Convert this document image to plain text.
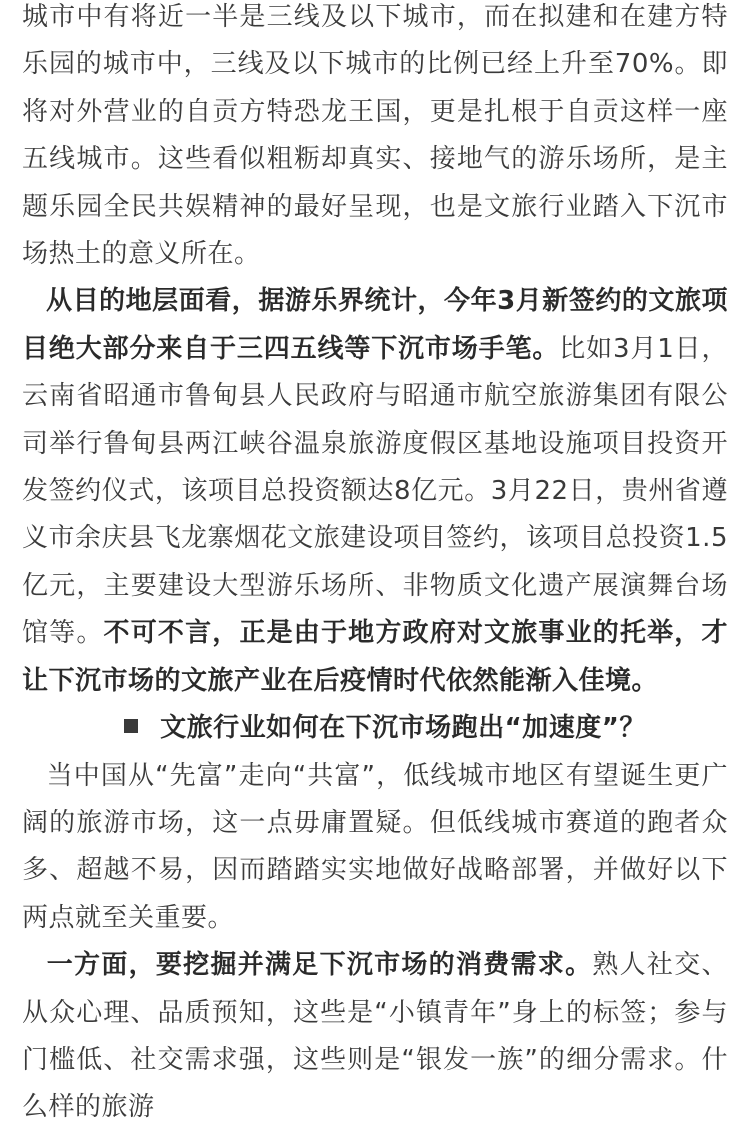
城市中有将近一半是三线及以下城市，而在拟建和在建方特乐园的城市中，三线及以下城市的比例已经上升至70%。即将对外营业的自贡方特恐龙王国，更是扎根于自贡这样一座五线城市。这些看似粗粝却真实、接地气的游乐场所，是主题乐园全民共娱精神的最好呈现，也是文旅行业踏入下沉市场热土的意义所在。

从目的地层面看，据游乐界统计，今年3月新签约的文旅项目绝大部分来自于三四五线等下沉市场手笔。比如3月1日，云南省昭通市鲁甸县人民政府与昭通市航空旅游集团有限公司举行鲁甸县两江峡谷温泉旅游度假区基地设施项目投资开发签约仪式，该项目总投资额达8亿元。3月22日，贵州省遵义市余庆县飞龙寨烟花文旅建设项目签约，该项目总投资1.5亿元，主要建设大型游乐场所、非物质文化遗产展演舞台场馆等。不可不言，正是由于地方政府对文旅事业的托举，才让下沉市场的文旅产业在后疫情时代依然能渐入佳境。

文旅行业如何在下沉市场跑出“加速度”？

当中国从“先富”走向“共富”，低线城市地区有望诞生更广阔的旅游市场，这一点毋庸置疑。但低线城市赛道的跑者众多、超越不易，因而踏踏实实地做好战略部署，并做好以下两点就至关重要。

一方面，要挖掘并满足下沉市场的消费需求。熟人社交、从众心理、品质预知，这些是“小镇青年”身上的标签；参与门槛低、社交需求强，这些则是“银发一族”的细分需求。什么样的旅游
